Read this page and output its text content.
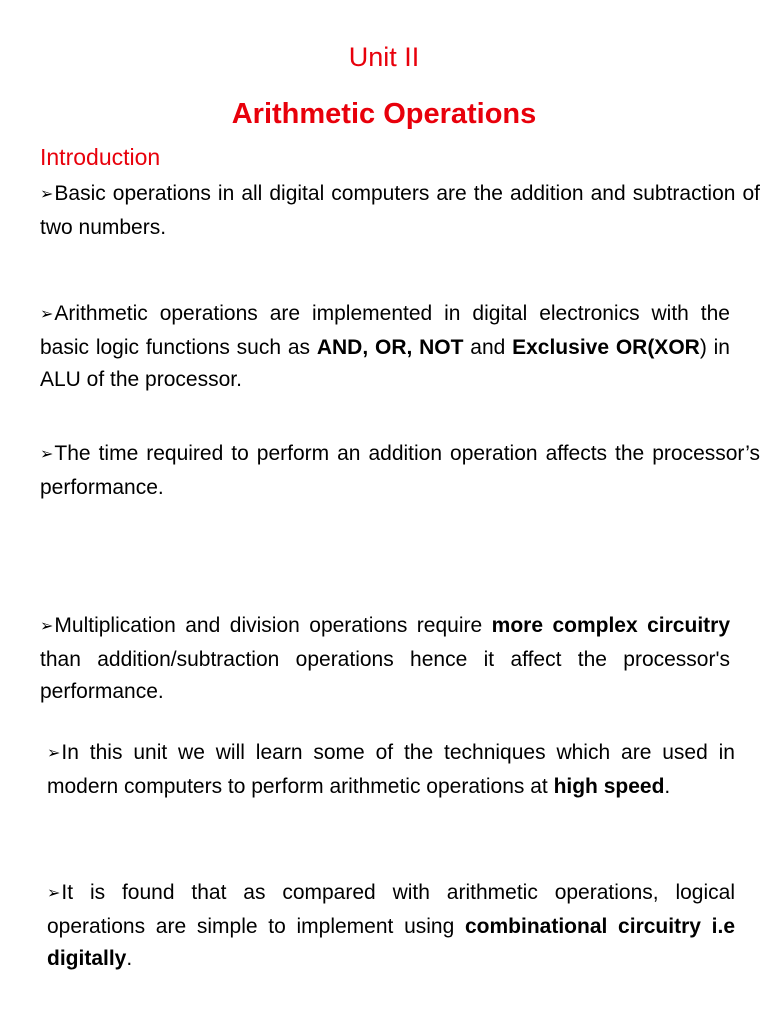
Unit II
Arithmetic Operations
Introduction
➢Basic operations in all digital computers are the addition and subtraction of two numbers.
➢Arithmetic operations are implemented in digital electronics with the basic logic functions such as AND, OR, NOT and Exclusive OR(XOR) in ALU of the processor.
➢The time required to perform an addition operation affects the processor’s performance.
➢Multiplication and division operations require more complex circuitry than addition/subtraction operations hence it affect the processor's performance.
➢In this unit we will learn some of the techniques which are used in modern computers to perform arithmetic operations at high speed.
➢It is found that as compared with arithmetic operations, logical operations are simple to implement using combinational circuitry i.e digitally.
